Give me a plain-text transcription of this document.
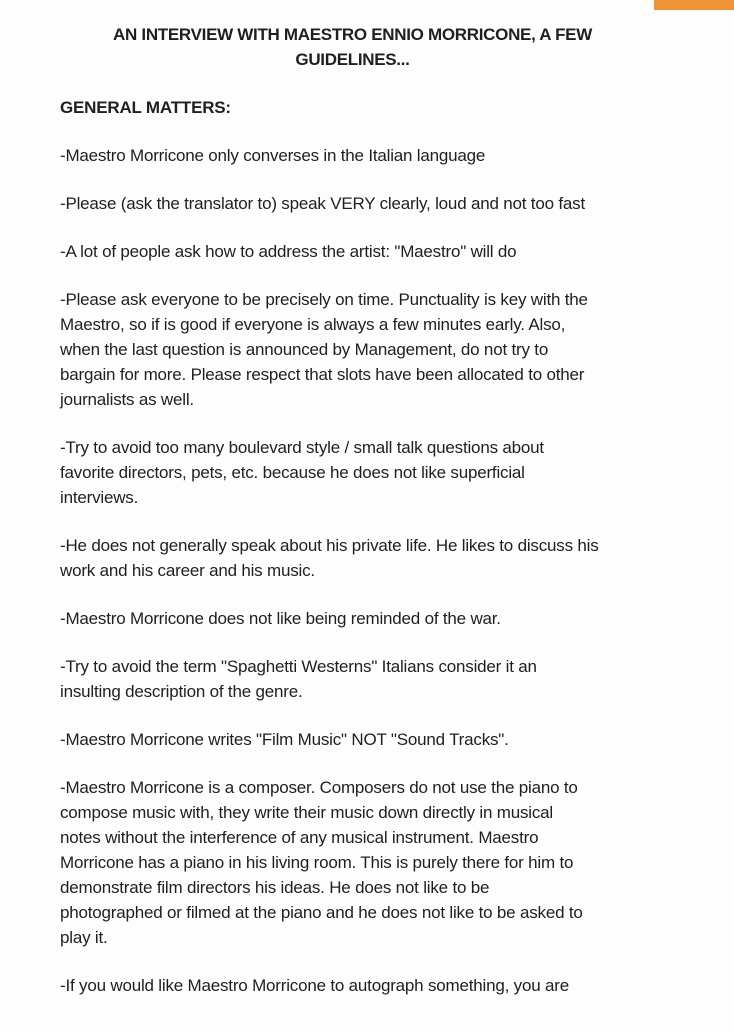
AN INTERVIEW WITH MAESTRO ENNIO MORRICONE, A FEW
GUIDELINES...
GENERAL MATTERS:
-Maestro Morricone only converses in the Italian language
-Please (ask the translator to) speak VERY clearly, loud and not too fast
-A lot of people ask how to address the artist: "Maestro" will do
-Please ask everyone to be precisely on time. Punctuality is key with the
Maestro, so if is good if everyone is always a few minutes early. Also,
when the last question is announced by Management, do not try to
bargain for more. Please respect that slots have been allocated to other
journalists as well.
-Try to avoid too many boulevard style / small talk questions about
favorite directors, pets, etc. because he does not like superficial
interviews.
-He does not generally speak about his private life. He likes to discuss his
work and his career and his music.
-Maestro Morricone does not like being reminded of the war.
-Try to avoid the term "Spaghetti Westerns" Italians consider it an
insulting description of the genre.
-Maestro Morricone writes "Film Music" NOT "Sound Tracks".
-Maestro Morricone is a composer. Composers do not use the piano to
compose music with, they write their music down directly in musical
notes without the interference of any musical instrument. Maestro
Morricone has a piano in his living room. This is purely there for him to
demonstrate film directors his ideas. He does not like to be
photographed or filmed at the piano and he does not like to be asked to
play it.
-If you would like Maestro Morricone to autograph something, you are
